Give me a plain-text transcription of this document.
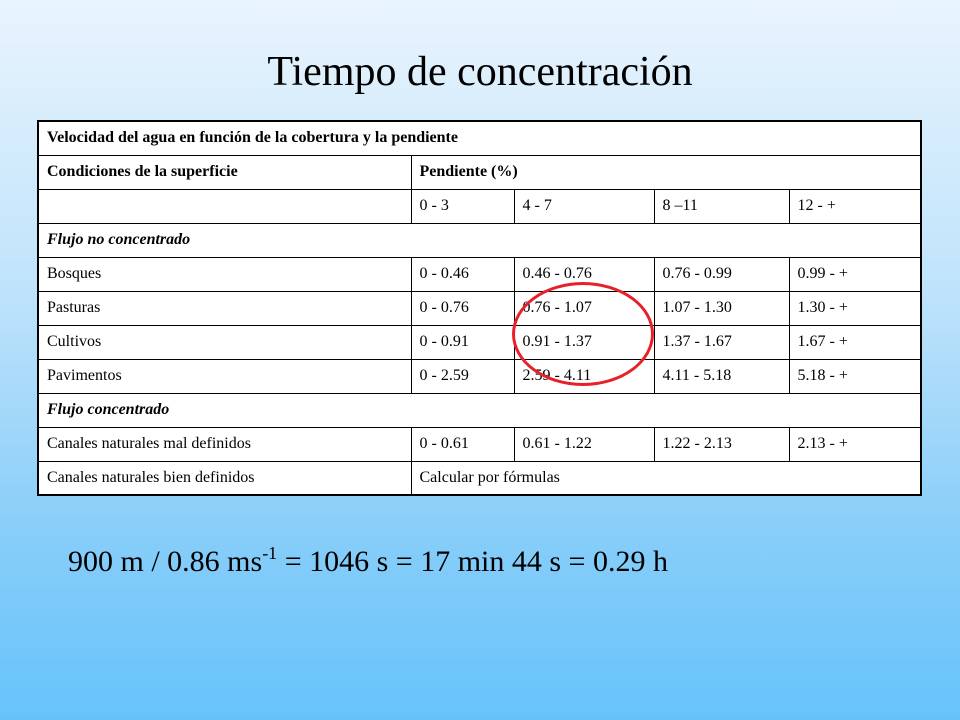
Tiempo de concentración
Velocidad del agua en función de la cobertura y la pendiente				
Condiciones de la superficie	Pendiente (%)			
	0 - 3	4 - 7	8 –11	12 - +
Flujo no concentrado				
Bosques	0 - 0.46	0.46 - 0.76	0.76 - 0.99	0.99 - +
Pasturas	0 - 0.76	0.76 - 1.07	1.07 - 1.30	1.30 - +
Cultivos	0 - 0.91	0.91 - 1.37	1.37 - 1.67	1.67 - +
Pavimentos	0 - 2.59	2.59 - 4.11	4.11 - 5.18	5.18 - +
Flujo concentrado				
Canales naturales mal definidos	0 - 0.61	0.61 - 1.22	1.22 - 2.13	2.13 - +
Canales naturales bien definidos	Calcular por fórmulas			
900 m / 0.86 $ms^{-1} = 1046$ s = 17 min 44 s = 0.29 h
